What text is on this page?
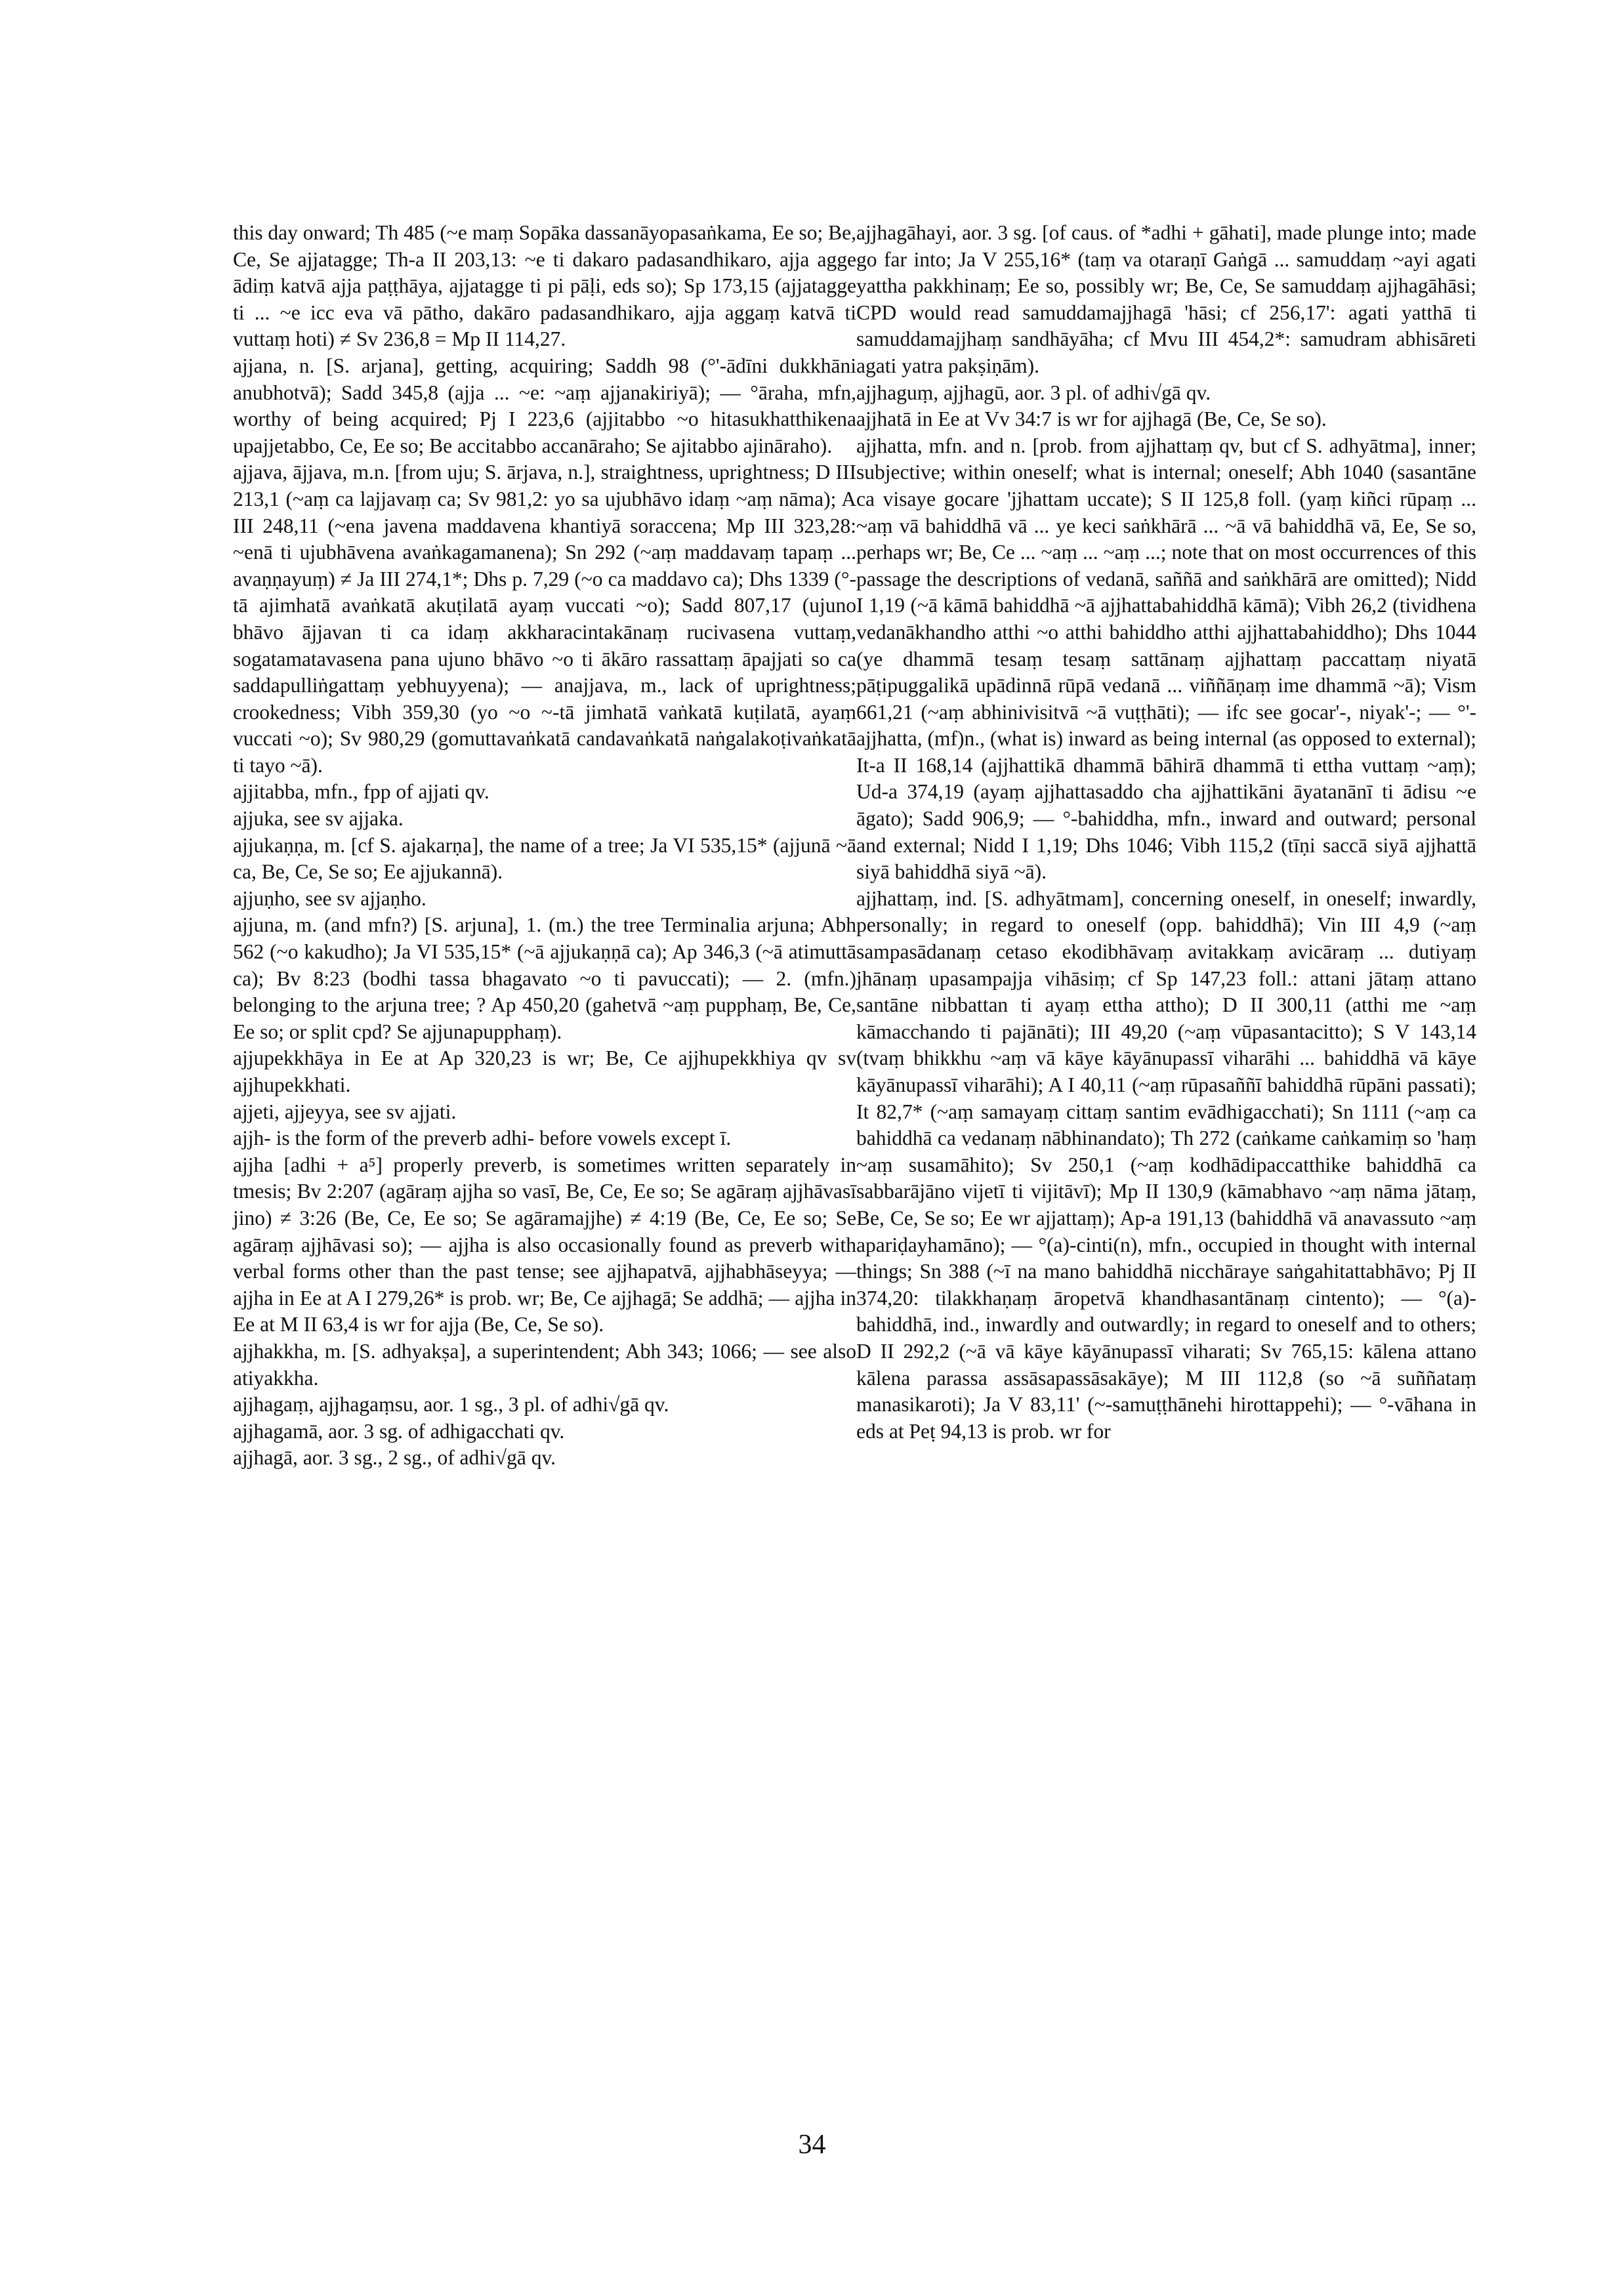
this day onward; Th 485 (~e maṃ Sopāka dassanāyopasaṅkama, Ee so; Be, Ce, Se ajjatagge; Th-a II 203,13: ~e ti dakaro padasandhikaro, ajja agge ādiṃ katvā ajja paṭṭhāya, ajjatagge ti pi pāḷi, eds so); Sp 173,15 (ajjatagge ti ... ~e icc eva vā pātho, dakāro padasandhikaro, ajja aggaṃ katvā ti vuttaṃ hoti) ≠ Sv 236,8 = Mp II 114,27.

ajjana, n. [S. arjana], getting, acquiring; Saddh 98 (°'-ādīni dukkhāni anubhotvā); Sadd 345,8 (ajja ... ~e: ~aṃ ajjanakiriyā); — °āraha, mfn, worthy of being acquired; Pj I 223,6 (ajjitabbo ~o hitasukhatthikena upajjetabbo, Ce, Ee so; Be accitabbo accanāraho; Se ajitabbo ajināraho).

ajjava, ājjava, m.n. [from uju; S. ārjava, n.], straightness, uprightness; D III 213,1 (~aṃ ca lajjavaṃ ca; Sv 981,2: yo sa ujubhāvo idaṃ ~aṃ nāma); A III 248,11 (~ena javena maddavena khantiyā soraccena; Mp III 323,28: ~enā ti ujubhāvena avaṅkagamanena); Sn 292 (~aṃ maddavaṃ tapaṃ ... avaṇṇayuṃ) ≠ Ja III 274,1*; Dhs p. 7,29 (~o ca maddavo ca); Dhs 1339 (°-tā ajimhatā avaṅkatā akuṭilatā ayaṃ vuccati ~o); Sadd 807,17 (ujuno bhāvo ājjavan ti ca idaṃ akkharacintakānaṃ rucivasena vuttaṃ, sogatamatavasena pana ujuno bhāvo ~o ti ākāro rassattaṃ āpajjati so ca saddapulliṅgattaṃ yebhuyyena); — anajjava, m., lack of uprightness; crookedness; Vibh 359,30 (yo ~o ~-tā jimhatā vaṅkatā kuṭilatā, ayaṃ vuccati ~o); Sv 980,29 (gomuttavaṅkatā candavaṅkatā naṅgalakoṭivaṅkatā ti tayo ~ā).

ajjitabba, mfn., fpp of ajjati qv.

ajjuka, see sv ajjaka.

ajjukaṇṇa, m. [cf S. ajakarṇa], the name of a tree; Ja VI 535,15* (ajjunā ~ā ca, Be, Ce, Se so; Ee ajjukannā).

ajjuṇho, see sv ajjaṇho.

ajjuna, m. (and mfn?) [S. arjuna], 1. (m.) the tree Terminalia arjuna; Abh 562 (~o kakudho); Ja VI 535,15* (~ā ajjukaṇṇā ca); Ap 346,3 (~ā atimuttā ca); Bv 8:23 (bodhi tassa bhagavato ~o ti pavuccati); — 2. (mfn.) belonging to the arjuna tree; ? Ap 450,20 (gahetvā ~aṃ pupphaṃ, Be, Ce, Ee so; or split cpd? Se ajjunapupphaṃ).

ajjupekkhāya in Ee at Ap 320,23 is wr; Be, Ce ajjhupekkhiya qv sv ajjhupekkhati.

ajjeti, ajjeyya, see sv ajjati.

ajjh- is the form of the preverb adhi- before vowels except ī.

ajjha [adhi + a⁵] properly preverb, is sometimes written separately in tmesis; Bv 2:207 (agāraṃ ajjha so vasī, Be, Ce, Ee so; Se agāraṃ ajjhāvasī jino) ≠ 3:26 (Be, Ce, Ee so; Se agāramajjhe) ≠ 4:19 (Be, Ce, Ee so; Se agāraṃ ajjhāvasi so); — ajjha is also occasionally found as preverb with verbal forms other than the past tense; see ajjhapatvā, ajjhabhāseyya; — ajjha in Ee at A I 279,26* is prob. wr; Be, Ce ajjhagā; Se addhā; — ajjha in Ee at M II 63,4 is wr for ajja (Be, Ce, Se so).

ajjhakkha, m. [S. adhyakṣa], a superintendent; Abh 343; 1066; — see also atiyakkha.

ajjhagaṃ, ajjhagaṃsu, aor. 1 sg., 3 pl. of adhi√gā qv.

ajjhagamā, aor. 3 sg. of adhigacchati qv.

ajjhagā, aor. 3 sg., 2 sg., of adhi√gā qv.

ajjhagāhayi, aor. 3 sg. [of caus. of *adhi + gāhati], made plunge into; made go far into; Ja V 255,16* (taṃ va otaraṇī Gaṅgā ... samuddaṃ ~ayi agati yattha pakkhinaṃ; Ee so, possibly wr; Be, Ce, Se samuddaṃ ajjhagāhāsi; CPD would read samuddamajjhagā 'hāsi; cf 256,17': agati yatthā ti samuddamajjhaṃ sandhāyāha; cf Mvu III 454,2*: samudram abhisāreti agati yatra pakṣiṇām).

ajjhaguṃ, ajjhagū, aor. 3 pl. of adhi√gā qv.

ajjhatā in Ee at Vv 34:7 is wr for ajjhagā (Be, Ce, Se so).

ajjhatta, mfn. and n. [prob. from ajjhattaṃ qv, but cf S. adhyātma], inner; subjective; within oneself; what is internal; oneself; Abh 1040 (sasantāne ca visaye gocare 'jjhattam uccate); S II 125,8 foll. (yaṃ kiñci rūpaṃ ... ~aṃ vā bahiddhā vā ... ye keci saṅkhārā ... ~ā vā bahiddhā vā, Ee, Se so, perhaps wr; Be, Ce ... ~aṃ ... ~aṃ ...; note that on most occurrences of this passage the descriptions of vedanā, saññā and saṅkhārā are omitted); Nidd I 1,19 (~ā kāmā bahiddhā ~ā ajjhattabahiddhā kāmā); Vibh 26,2 (tividhena vedanākhandho atthi ~o atthi bahiddho atthi ajjhattabahiddho); Dhs 1044 (ye dhammā tesaṃ tesaṃ sattānaṃ ajjhattaṃ paccattaṃ niyatā pāṭipuggalikā upādinnā rūpā vedanā ... viññāṇaṃ ime dhammā ~ā); Vism 661,21 (~aṃ abhinivisitvā ~ā vuṭṭhāti); — ifc see gocar'-, niyak'-; — °'-ajjhatta, (mf)n., (what is) inward as being internal (as opposed to external); It-a II 168,14 (ajjhattikā dhammā bāhirā dhammā ti ettha vuttaṃ ~aṃ); Ud-a 374,19 (ayaṃ ajjhattasaddo cha ajjhattikāni āyatanānī ti ādisu ~e āgato); Sadd 906,9; — °-bahiddha, mfn., inward and outward; personal and external; Nidd I 1,19; Dhs 1046; Vibh 115,2 (tīṇi saccā siyā ajjhattā siyā bahiddhā siyā ~ā).

ajjhattaṃ, ind. [S. adhyātmam], concerning oneself, in oneself; inwardly, personally; in regard to oneself (opp. bahiddhā); Vin III 4,9 (~aṃ sampasādanaṃ cetaso ekodibhāvaṃ avitakkaṃ avicāraṃ ... dutiyaṃ jhānaṃ upasampajja vihāsiṃ; cf Sp 147,23 foll.: attani jātaṃ attano santāne nibbattan ti ayaṃ ettha attho); D II 300,11 (atthi me ~aṃ kāmacchando ti pajānāti); III 49,20 (~aṃ vūpasantacitto); S V 143,14 (tvaṃ bhikkhu ~aṃ vā kāye kāyānupassī viharāhi ... bahiddhā vā kāye kāyānupassī viharāhi); A I 40,11 (~aṃ rūpasaññī bahiddhā rūpāni passati); It 82,7* (~aṃ samayaṃ cittaṃ santim evādhigacchati); Sn 1111 (~aṃ ca bahiddhā ca vedanaṃ nābhinandato); Th 272 (caṅkame caṅkamiṃ so 'haṃ ~aṃ susamāhito); Sv 250,1 (~aṃ kodhādipaccatthike bahiddhā ca sabbarājāno vijetī ti vijitāvī); Mp II 130,9 (kāmabhavo ~aṃ nāma jātaṃ, Be, Ce, Se so; Ee wr ajjattaṃ); Ap-a 191,13 (bahiddhā vā anavassuto ~aṃ apariḍayhamāno); — °(a)-cinti(n), mfn., occupied in thought with internal things; Sn 388 (~ī na mano bahiddhā nicchāraye saṅgahitattabhāvo; Pj II 374,20: tilakkhaṇaṃ āropetvā khandhasantānaṃ cintento); — °(a)-bahiddhā, ind., inwardly and outwardly; in regard to oneself and to others; D II 292,2 (~ā vā kāye kāyānupassī viharati; Sv 765,15: kālena attano kālena parassa assāsapassāsakāye); M III 112,8 (so ~ā suññataṃ manasikaroti); Ja V 83,11' (~-samuṭṭhānehi hirottappehi); — °-vāhana in eds at Peṭ 94,13 is prob. wr for

34
